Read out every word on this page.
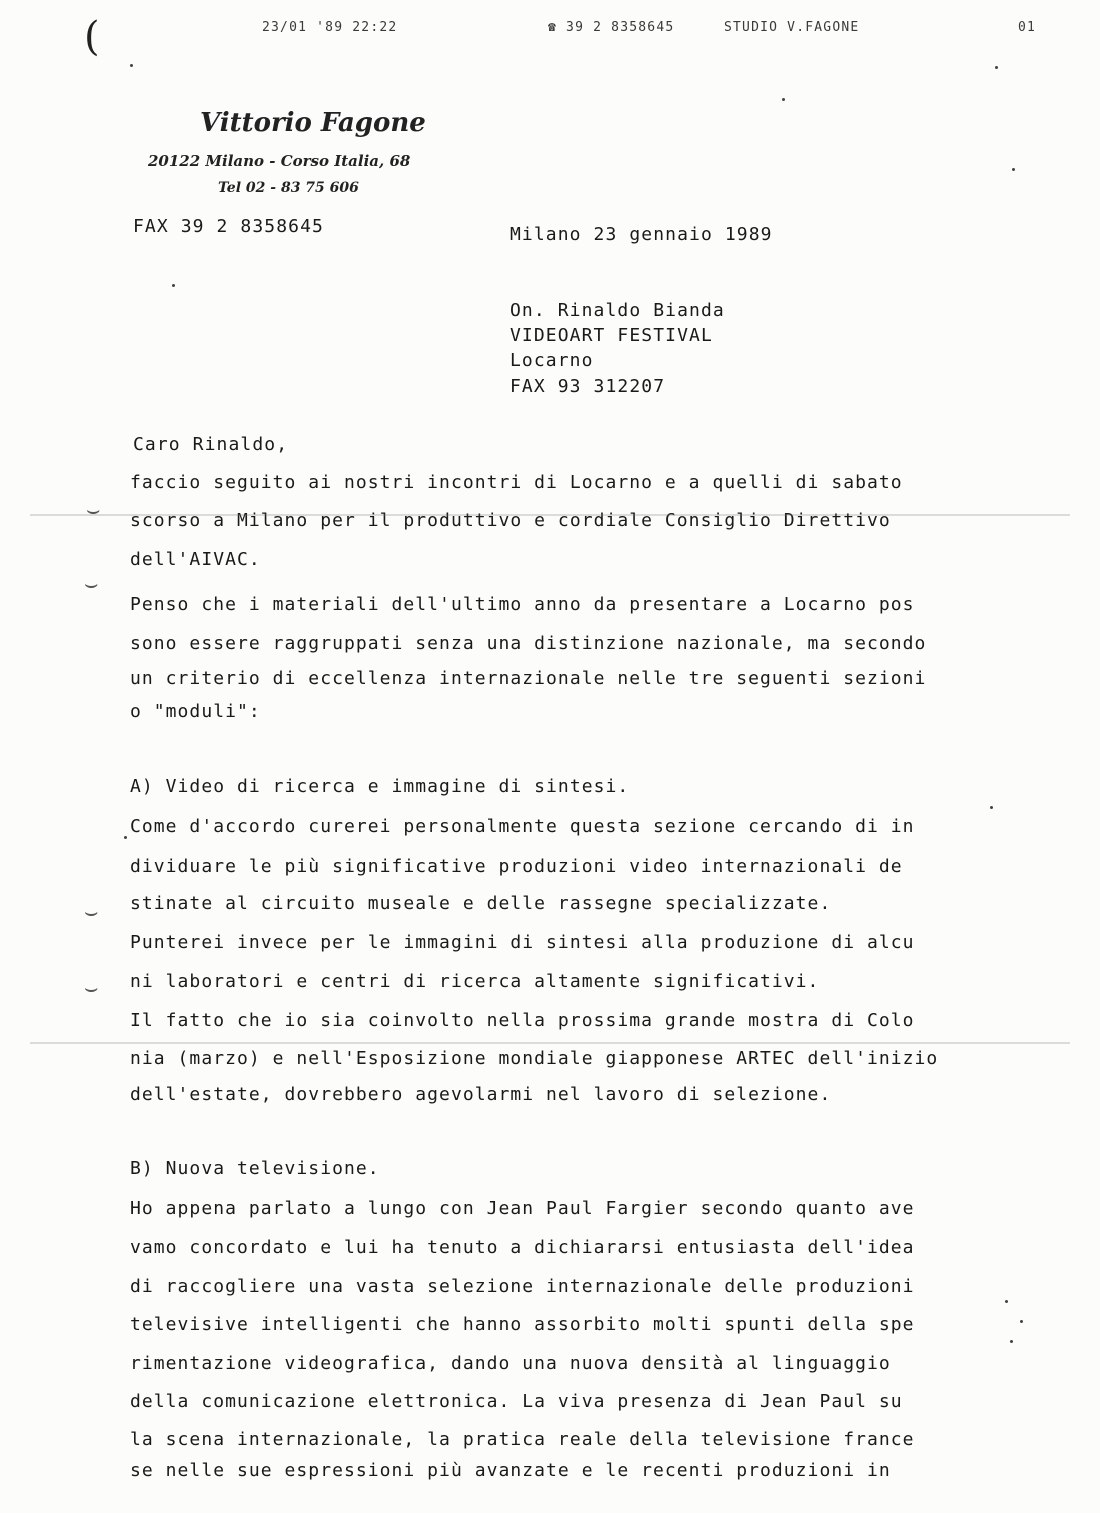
23/01 '89 22:22	☎ 39 2 8358645	STUDIO V.FAGONE	01
(
Vittorio Fagone
20122 Milano - Corso Italia, 68
Tel 02 - 83 75 606
FAX 39 2 8358645	Milano 23 gennaio 1989
On. Rinaldo Bianda
VIDEOART FESTIVAL
Locarno
FAX 93 312207
Caro Rinaldo,
faccio seguito ai nostri incontri di Locarno e a quelli di sabato
scorso a Milano per il produttivo e cordiale Consiglio Direttivo
dell'AIVAC.
Penso che i materiali dell'ultimo anno da presentare a Locarno pos
sono essere raggruppati senza una distinzione nazionale, ma secondo
un criterio di eccellenza internazionale nelle tre seguenti sezioni
o "moduli":
A) Video di ricerca e immagine di sintesi.
Come d'accordo curerei personalmente questa sezione cercando di in
dividuare le più significative produzioni video internazionali de
stinate al circuito museale e delle rassegne specializzate.
Punterei invece per le immagini di sintesi alla produzione di alcu
ni laboratori e centri di ricerca altamente significativi.
Il fatto che io sia coinvolto nella prossima grande mostra di Colo
nia (marzo) e nell'Esposizione mondiale giapponese ARTEC dell'inizio
dell'estate, dovrebbero agevolarmi nel lavoro di selezione.
B) Nuova televisione.
Ho appena parlato a lungo con Jean Paul Fargier secondo quanto ave
vamo concordato e lui ha tenuto a dichiararsi entusiasta dell'idea
di raccogliere una vasta selezione internazionale delle produzioni
televisive intelligenti che hanno assorbito molti spunti della spe
rimentazione videografica, dando una nuova densità al linguaggio
della comunicazione elettronica. La viva presenza di Jean Paul su
la scena internazionale, la pratica reale della televisione france
se nelle sue espressioni più avanzate e le recenti produzioni in
⌣
⌣
⌣
⌣
